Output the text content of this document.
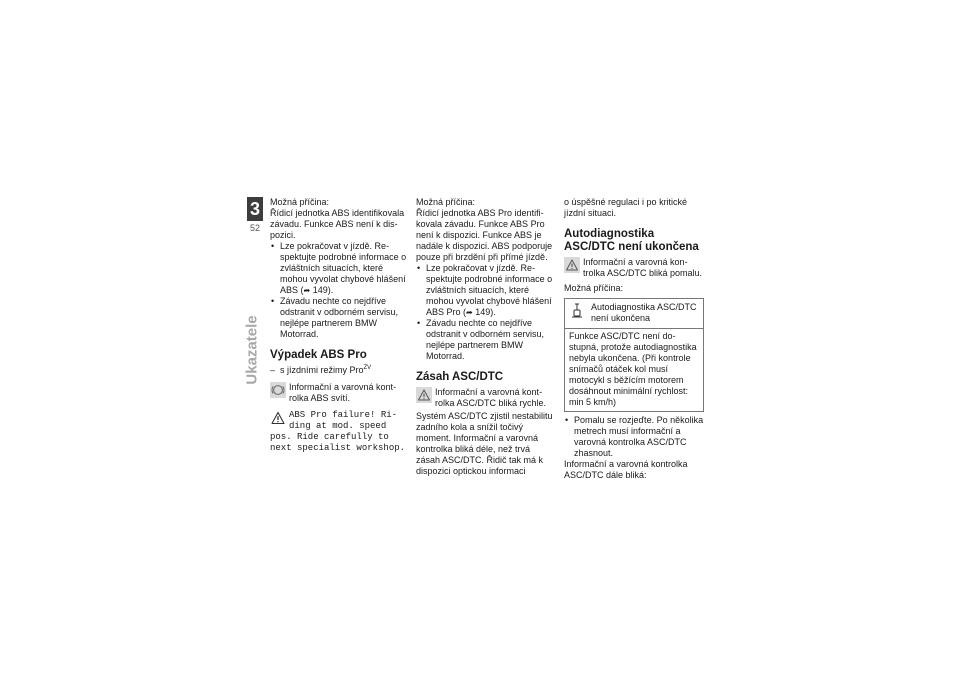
3
52
Ukazatele

Možná příčina:

Řídicí jednotka ABS identifikovala závadu. Funkce ABS není k dispozici.

• Lze pokračovat v jízdě. Respektujte podrobné informace o zvláštních situacích, které mohou vyvolat chybové hlášení ABS (➦ 149).
• Závadu nechte co nejdříve odstranit v odborném servisu, nejlépe partnerem BMW Motorrad.
Výpadek ABS Pro
– s jízdními režimy Pro$^{ZV}$
Informační a varovná kontrolka ABS svítí.
ABS Pro failure! Riding at mod. speed
pos. Ride carefully to next specialist workshop.

Možná příčina:

Řídicí jednotka ABS Pro identifikovala závadu. Funkce ABS Pro není k dispozici. Funkce ABS je nadále k dispozici. ABS podporuje pouze při brzdění při přímé jízdě.

• Lze pokračovat v jízdě. Respektujte podrobné informace o zvláštních situacích, které mohou vyvolat chybové hlášení ABS Pro (➦ 149).
• Závadu nechte co nejdříve odstranit v odborném servisu, nejlépe partnerem BMW Motorrad.
Zásah ASC/DTC
Informační a varovná kontrolka ASC/DTC bliká rychle.

Systém ASC/DTC zjistil nestabilitu zadního kola a snížil točivý moment. Informační a varovná kontrolka bliká déle, než trvá zásah ASC/DTC. Řidič tak má k dispozici optickou informaci

o úspěšné regulaci i po kritické jízdní situaci.

Autodiagnostika ASC/DTC není ukončena
Informační a varovná kontrolka ASC/DTC bliká pomalu.

Možná příčina:

Autodiagnostika ASC/DTC není ukončena
Funkce ASC/DTC není dostupná, protože autodiagnostika nebyla ukončena. (Při kontrole snímačů otáček kol musí motocykl s běžícím motorem dosáhnout minimální rychlost: min 5 km/h)
• Pomalu se rozjeďte. Po několika metrech musí informační a varovná kontrolka ASC/DTC zhasnout.

Informační a varovná kontrolka ASC/DTC dále bliká:
